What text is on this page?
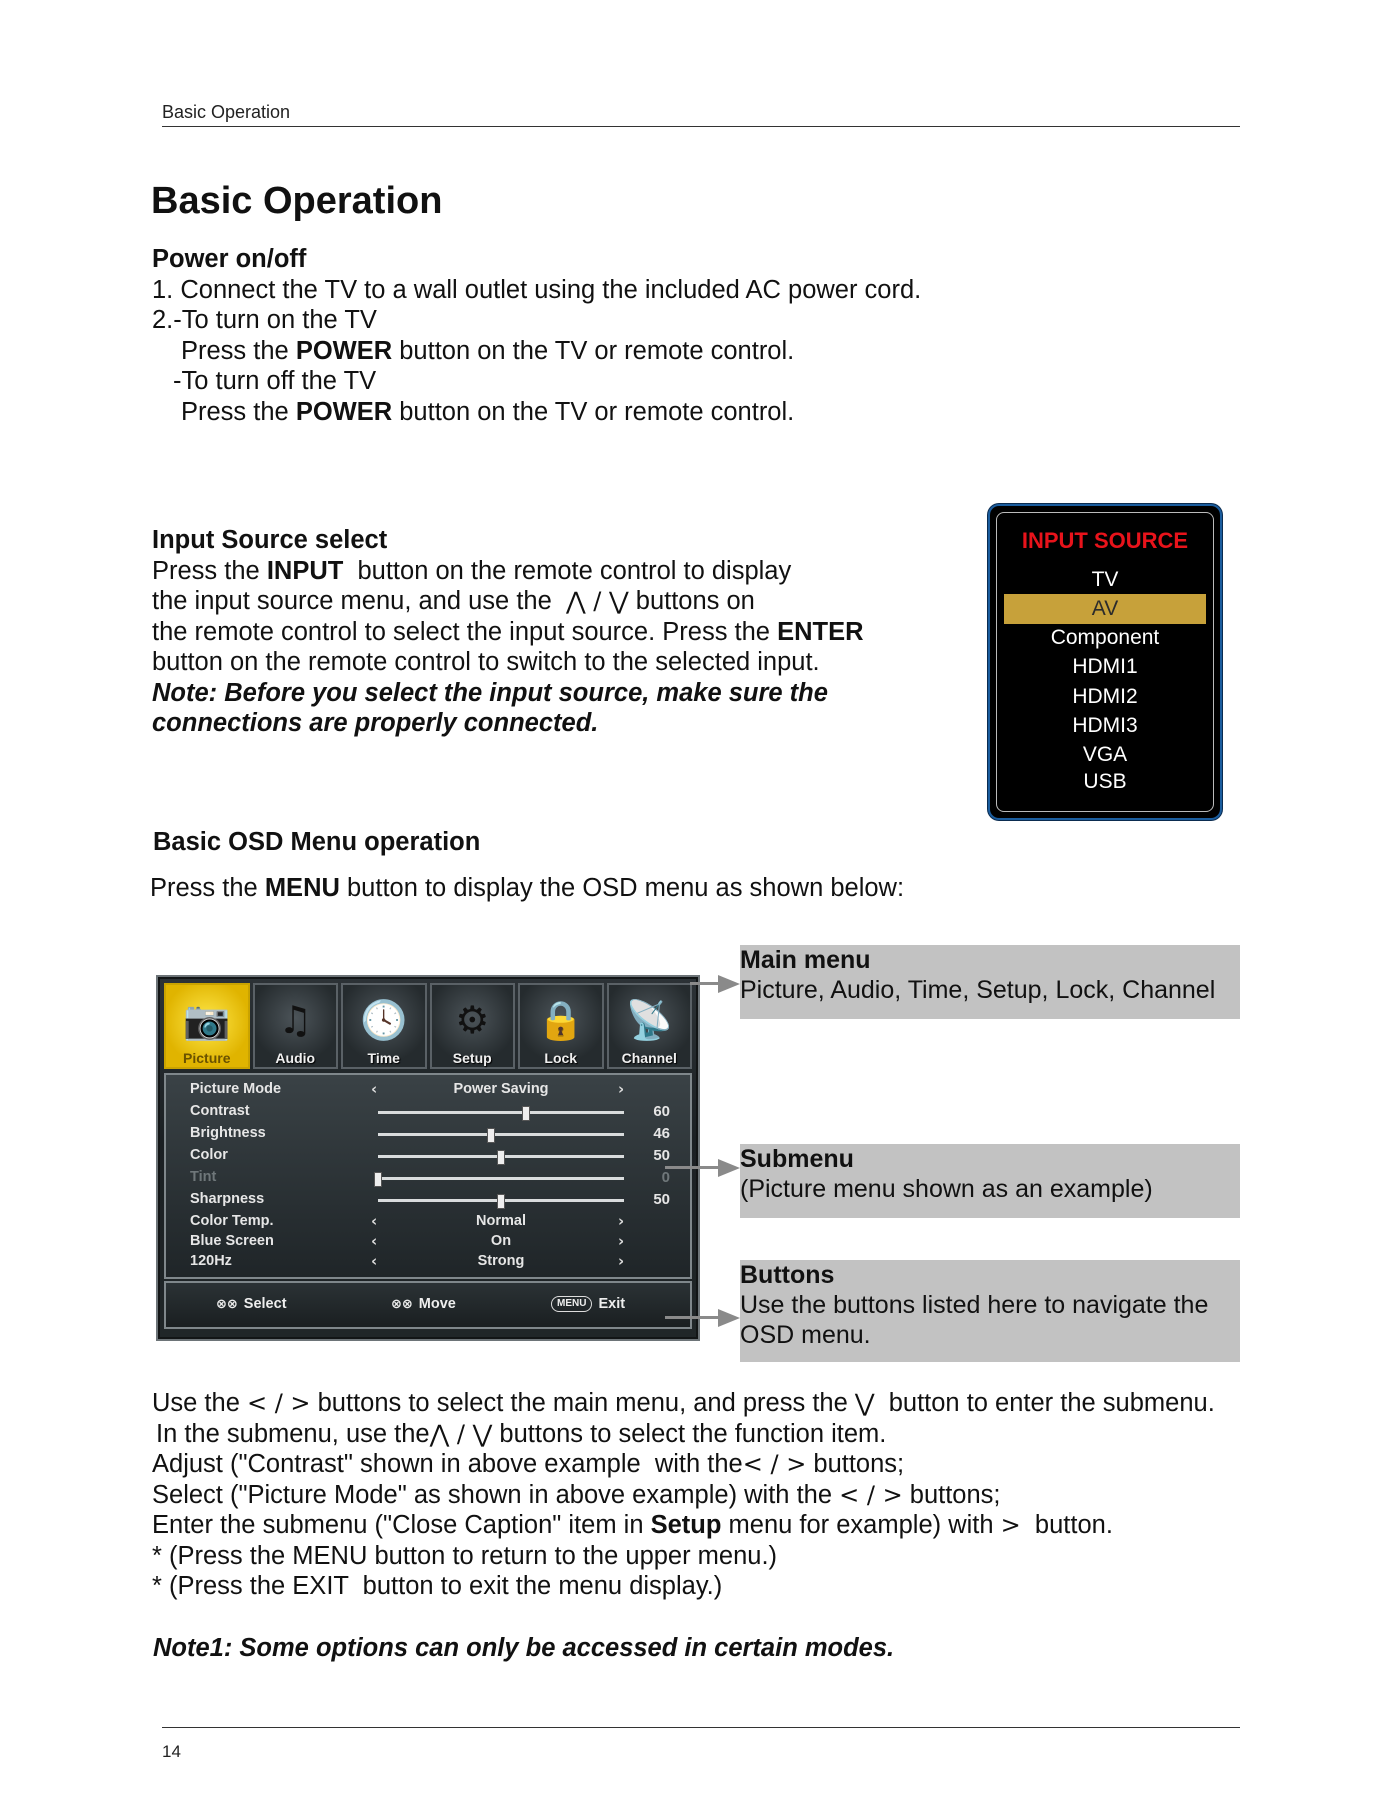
Basic Operation
Basic Operation
Power on/off
1. Connect the TV to a wall outlet using the included AC power cord.
2.-To turn on the TV
Press the POWER button on the TV or remote control.
-To turn off the TV
Press the POWER button on the TV or remote control.
Input Source select
Press the INPUT  button on the remote control to display
the input source menu, and use the  ⋀ / ⋁ buttons on
the remote control to select the input source. Press the ENTER
button on the remote control to switch to the selected input.
Note: Before you select the input source, make sure the
connections are properly connected.
INPUT SOURCE
TV
AV
Component
HDMI1
HDMI2
HDMI3
VGA
USB
Basic OSD Menu operation
Press the MENU button to display the OSD menu as shown below:
📷
Picture
♫
Audio
🕓
Time
⚙
Setup
🔒
Lock
📡
Channel
Picture Mode	‹	Power Saving	›
Contrast	60
Brightness	46
Color	50
Tint	0
Sharpness	50
Color Temp.	‹	Normal	›
Blue Screen	‹	On	›
120Hz	‹	Strong	›
⊗⊗ Select	⊗⊗ Move	MENU Exit
Main menu
Picture, Audio, Time, Setup, Lock, Channel
Submenu
(Picture menu shown as an example)
Buttons
Use the buttons listed here to navigate the
OSD menu.
Use the < / > buttons to select the main menu, and press the ⋁  button to enter the submenu.
In the submenu, use the⋀ / ⋁ buttons to select the function item.
Adjust ("Contrast" shown in above example  with the< / > buttons;
Select ("Picture Mode" as shown in above example) with the < / > buttons;
Enter the submenu ("Close Caption" item in Setup menu for example) with >  button.
* (Press the MENU button to return to the upper menu.)
* (Press the EXIT  button to exit the menu display.)
Note1: Some options can only be accessed in certain modes.
14
